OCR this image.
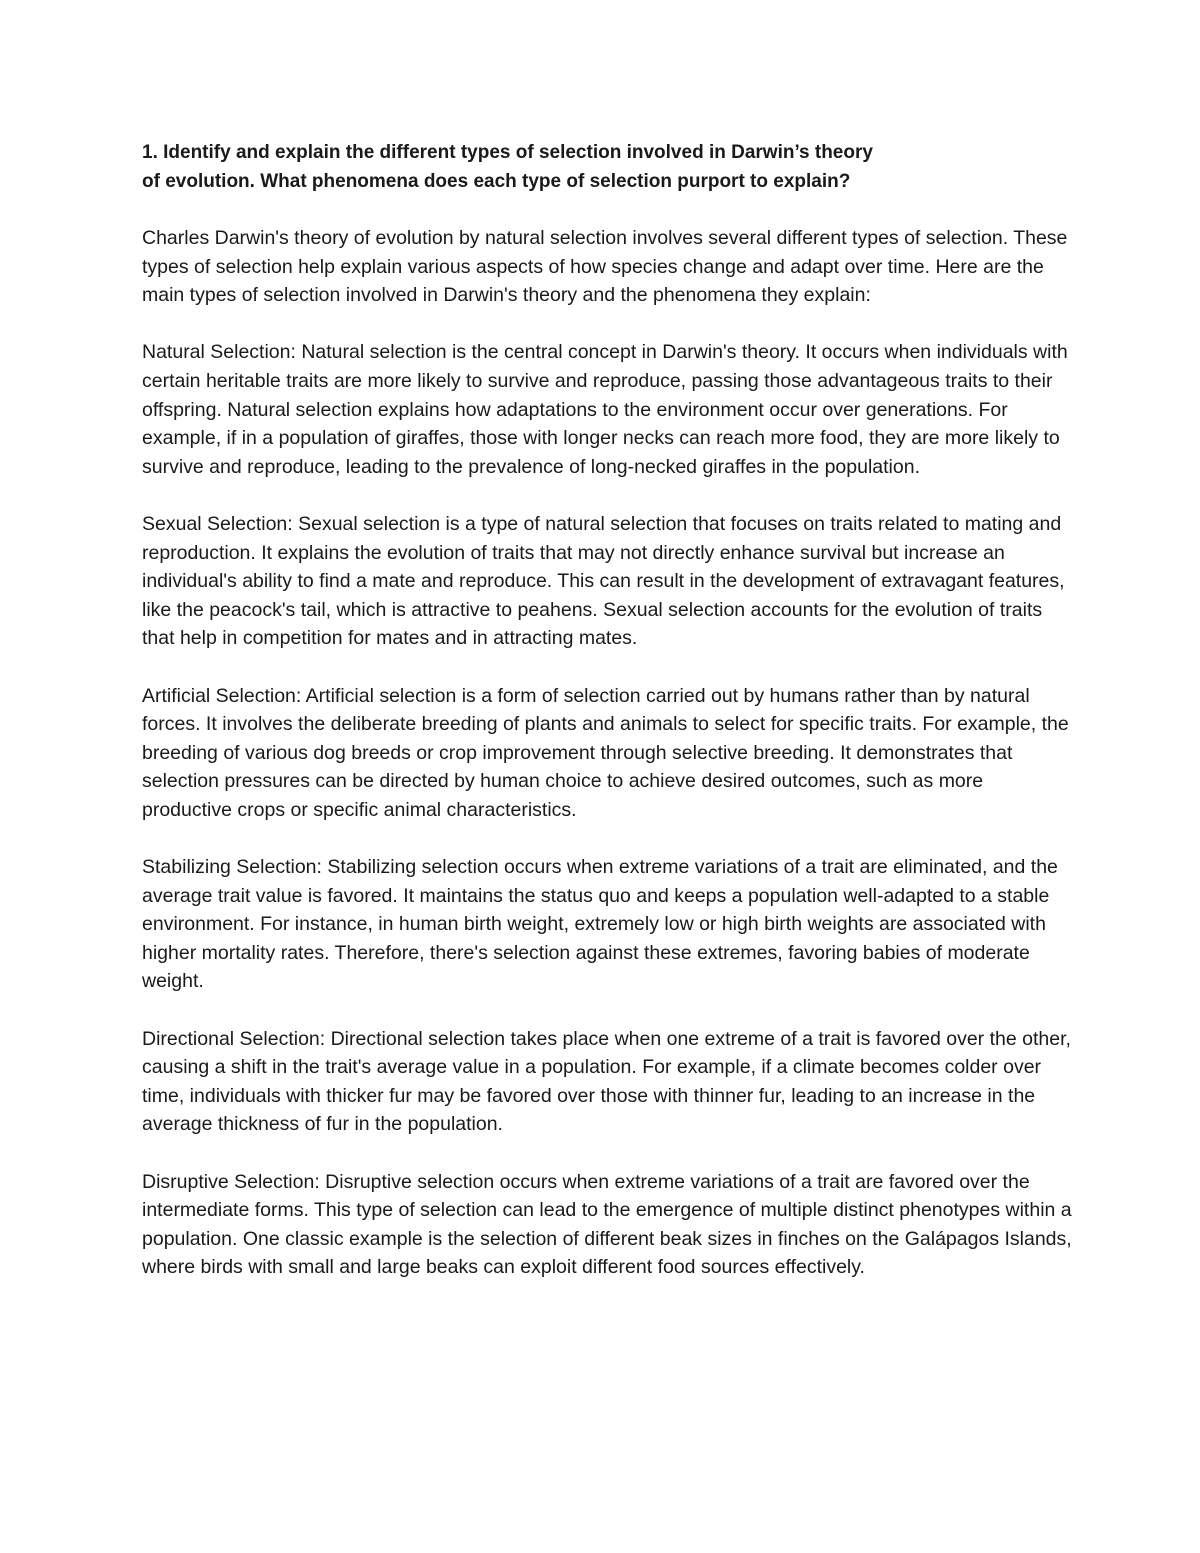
1. Identify and explain the different types of selection involved in Darwin’s theory
of evolution. What phenomena does each type of selection purport to explain?

Charles Darwin's theory of evolution by natural selection involves several different types of selection. These types of selection help explain various aspects of how species change and adapt over time. Here are the main types of selection involved in Darwin's theory and the phenomena they explain:

Natural Selection: Natural selection is the central concept in Darwin's theory. It occurs when individuals with certain heritable traits are more likely to survive and reproduce, passing those advantageous traits to their offspring. Natural selection explains how adaptations to the environment occur over generations. For example, if in a population of giraffes, those with longer necks can reach more food, they are more likely to survive and reproduce, leading to the prevalence of long-necked giraffes in the population.

Sexual Selection: Sexual selection is a type of natural selection that focuses on traits related to mating and reproduction. It explains the evolution of traits that may not directly enhance survival but increase an individual's ability to find a mate and reproduce. This can result in the development of extravagant features, like the peacock's tail, which is attractive to peahens. Sexual selection accounts for the evolution of traits that help in competition for mates and in attracting mates.

Artificial Selection: Artificial selection is a form of selection carried out by humans rather than by natural forces. It involves the deliberate breeding of plants and animals to select for specific traits. For example, the breeding of various dog breeds or crop improvement through selective breeding. It demonstrates that selection pressures can be directed by human choice to achieve desired outcomes, such as more productive crops or specific animal characteristics.

Stabilizing Selection: Stabilizing selection occurs when extreme variations of a trait are eliminated, and the average trait value is favored. It maintains the status quo and keeps a population well-adapted to a stable environment. For instance, in human birth weight, extremely low or high birth weights are associated with higher mortality rates. Therefore, there's selection against these extremes, favoring babies of moderate weight.

Directional Selection: Directional selection takes place when one extreme of a trait is favored over the other, causing a shift in the trait's average value in a population. For example, if a climate becomes colder over time, individuals with thicker fur may be favored over those with thinner fur, leading to an increase in the average thickness of fur in the population.

Disruptive Selection: Disruptive selection occurs when extreme variations of a trait are favored over the intermediate forms. This type of selection can lead to the emergence of multiple distinct phenotypes within a population. One classic example is the selection of different beak sizes in finches on the Galápagos Islands, where birds with small and large beaks can exploit different food sources effectively.
